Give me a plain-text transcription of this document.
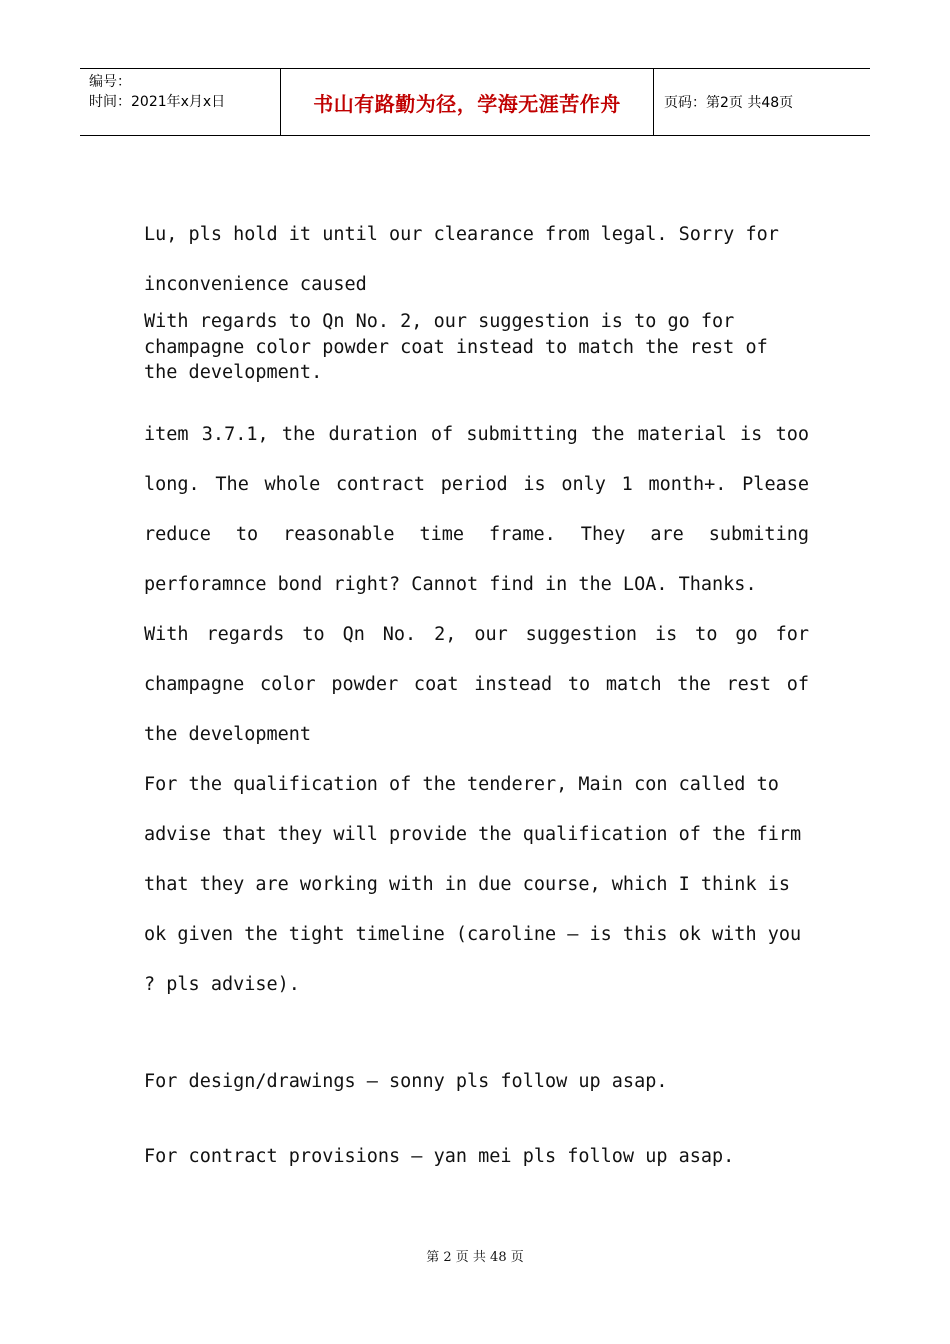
编号：
时间：2021年x月x日	书山有路勤为径，学海无涯苦作舟	页码：第2页 共48页

Lu, pls hold it until our clearance from legal. Sorry for inconvenience caused

With regards to Qn No. 2, our suggestion is to go for champagne color powder coat instead to match the rest of the development.

item 3.7.1, the duration of submitting the material is too long. The whole contract period is only 1 month+. Please reduce to reasonable time frame. They are submiting perforamnce bond right? Cannot find in the LOA. Thanks.

With regards to Qn No. 2, our suggestion is to go for champagne color powder coat instead to match the rest of the development

For the qualification of the tenderer, Main con called to advise that they will provide the qualification of the firm that they are working with in due course, which I think is ok given the tight timeline (caroline – is this ok with you ? pls advise).

For design/drawings – sonny pls follow up asap.

For contract provisions – yan mei pls follow up asap.

第 2 页 共 48 页
